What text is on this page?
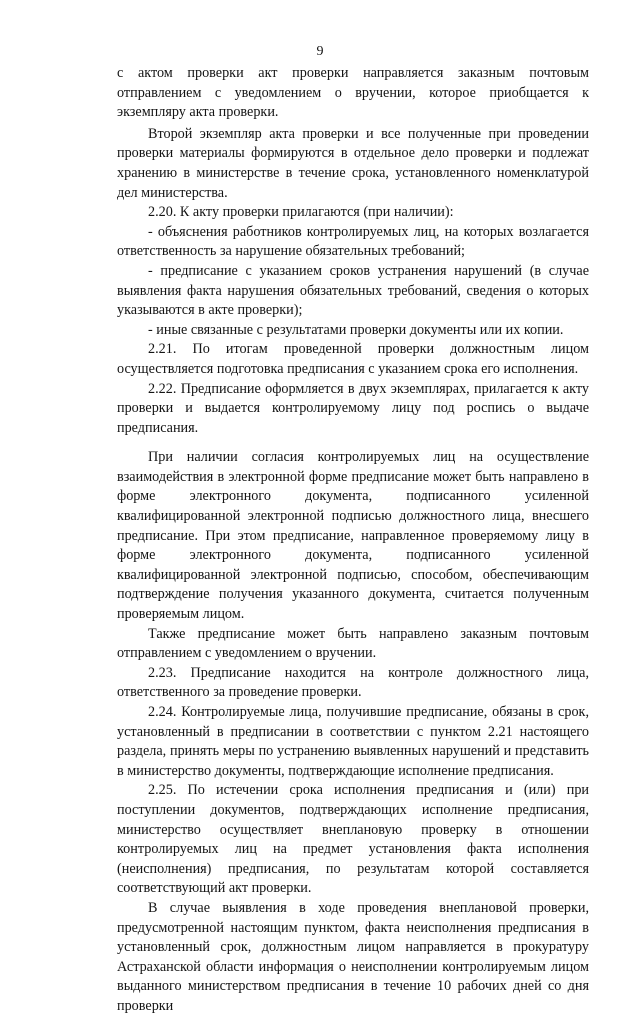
9

с актом проверки акт проверки направляется заказным почтовым отправлением с уведомлением о вручении, которое приобщается к экземпляру акта проверки.

Второй экземпляр акта проверки и все полученные при проведении проверки материалы формируются в отдельное дело проверки и подлежат хранению в министерстве в течение срока, установленного номенклатурой дел министерства.

2.20. К акту проверки прилагаются (при наличии):

- объяснения работников контролируемых лиц, на которых возлагается ответственность за нарушение обязательных требований;

- предписание с указанием сроков устранения нарушений (в случае выявления факта нарушения обязательных требований, сведения о которых указываются в акте проверки);

- иные связанные с результатами проверки документы или их копии.

2.21. По итогам проведенной проверки должностным лицом осуществляется подготовка предписания с указанием срока его исполнения.

2.22. Предписание оформляется в двух экземплярах, прилагается к акту проверки и выдается контролируемому лицу под роспись о выдаче предписания.

При наличии согласия контролируемых лиц на осуществление взаимодействия в электронной форме предписание может быть направлено в форме электронного документа, подписанного усиленной квалифицированной электронной подписью должностного лица, внесшего предписание. При этом предписание, направленное проверяемому лицу в форме электронного документа, подписанного усиленной квалифицированной электронной подписью, способом, обеспечивающим подтверждение получения указанного документа, считается полученным проверяемым лицом.

Также предписание может быть направлено заказным почтовым отправлением с уведомлением о вручении.

2.23. Предписание находится на контроле должностного лица, ответственного за проведение проверки.

2.24. Контролируемые лица, получившие предписание, обязаны в срок, установленный в предписании в соответствии с пунктом 2.21 настоящего раздела, принять меры по устранению выявленных нарушений и представить в министерство документы, подтверждающие исполнение предписания.

2.25. По истечении срока исполнения предписания и (или) при поступлении документов, подтверждающих исполнение предписания, министерство осуществляет внеплановую проверку в отношении контролируемых лиц на предмет установления факта исполнения (неисполнения) предписания, по результатам которой составляется соответствующий акт проверки.

В случае выявления в ходе проведения внеплановой проверки, предусмотренной настоящим пунктом, факта неисполнения предписания в установленный срок, должностным лицом направляется в прокуратуру Астраханской области информация о неисполнении контролируемым лицом выданного министерством предписания в течение 10 рабочих дней со дня проверки
